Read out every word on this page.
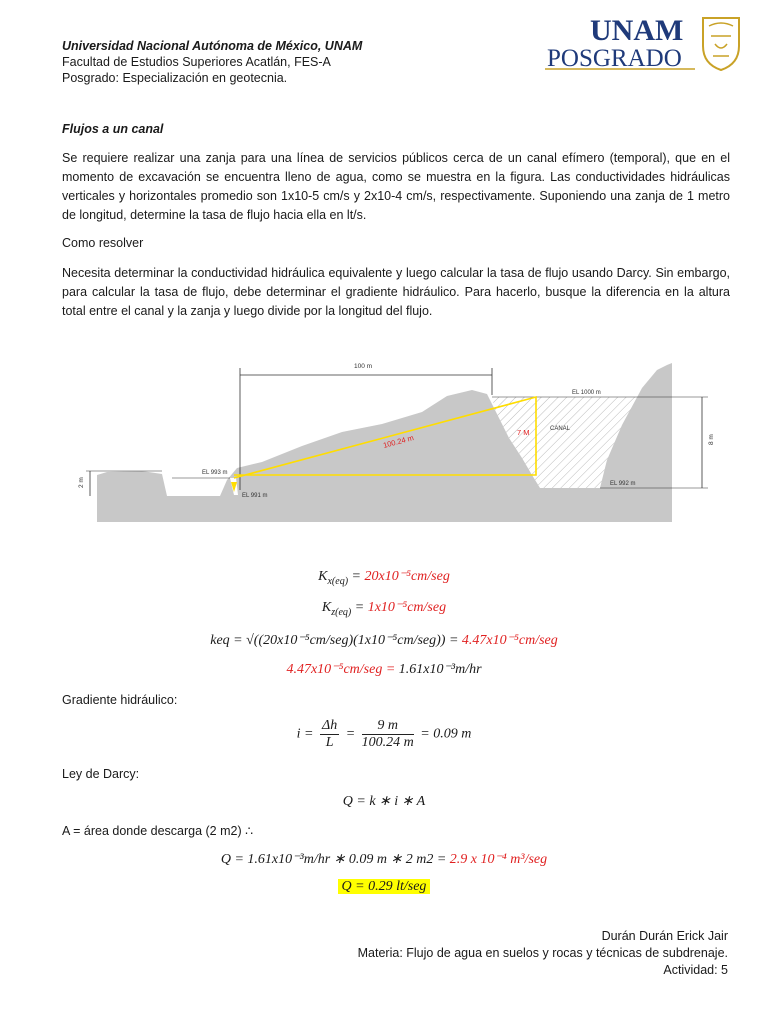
Universidad Nacional Autónoma de México, UNAM
Facultad de Estudios Superiores Acatlán, FES-A
Posgrado: Especialización en geotecnia.
UNAM
POSGRADO
Flujos a un canal
Se requiere realizar una zanja para una línea de servicios públicos cerca de un canal efímero (temporal), que en el momento de excavación se encuentra lleno de agua, como se muestra en la figura. Las conductividades hidráulicas verticales y horizontales promedio son 1x10-5 cm/s y 2x10-4 cm/s, respectivamente. Suponiendo una zanja de 1 metro de longitud, determine la tasa de flujo hacia ella en lt/s.
Como resolver
Necesita determinar la conductividad hidráulica equivalente y luego calcular la tasa de flujo usando Darcy. Sin embargo, para calcular la tasa de flujo, debe determinar el gradiente hidráulico. Para hacerlo, busque la diferencia en la altura total entre el canal y la zanja y luego divide por la longitud del flujo.
100 m
2 m
8 m
EL 1000 m
EL 993 m
EL 991 m
EL 992 m
CANAL
100.24 m
7 M
$K_{x(eq)} = 20x10^{-5}cm/seg$
$K_{z(eq)} = 1x10^{-5}cm/seg$
keq = √((20x10⁻⁵cm/seg)(1x10⁻⁵cm/seg)) = 4.47x10⁻⁵cm/seg
4.47x10⁻⁵cm/seg = 1.61x10⁻³m/hr
Gradiente hidráulico:
$i = \frac{\Delta h}{L} = \frac{9 m}{100.24 m} = 0.09$ m
Ley de Darcy:
Q = k ∗ i ∗ A
A = área donde descarga (2 m2) ∴
Q = 1.61x10⁻³m/hr ∗ 0.09 m ∗ 2 m2 = 2.9 x 10⁻⁴ m³/seg
Q = 0.29 lt/seg
Durán Durán Erick Jair
Materia: Flujo de agua en suelos y rocas y técnicas de subdrenaje.
Actividad: 5
